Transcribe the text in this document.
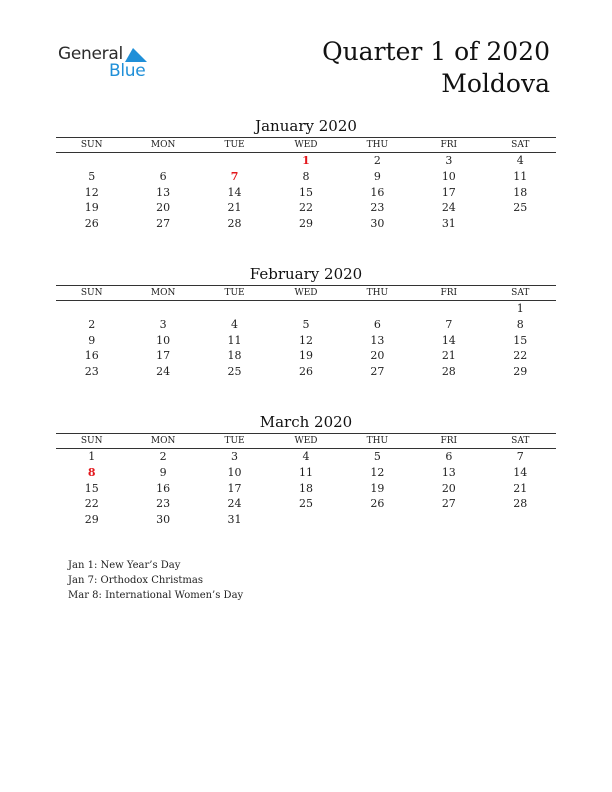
General
Blue
Quarter 1 of 2020
Moldova
January 2020
SUN	MON	TUE	WED	THU	FRI	SAT
			1	2	3	4
5	6	7	8	9	10	11
12	13	14	15	16	17	18
19	20	21	22	23	24	25
26	27	28	29	30	31	
February 2020
SUN	MON	TUE	WED	THU	FRI	SAT
						1
2	3	4	5	6	7	8
9	10	11	12	13	14	15
16	17	18	19	20	21	22
23	24	25	26	27	28	29
March 2020
SUN	MON	TUE	WED	THU	FRI	SAT
1	2	3	4	5	6	7
8	9	10	11	12	13	14
15	16	17	18	19	20	21
22	23	24	25	26	27	28
29	30	31				
Jan 1: New Year’s Day
Jan 7: Orthodox Christmas
Mar 8: International Women’s Day
